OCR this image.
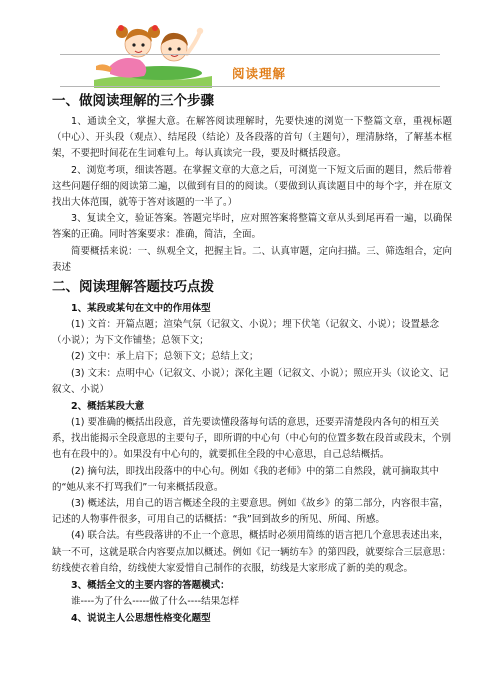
阅读理解
一、做阅读理解的三个步骤

1、通读全文，掌握大意。在解答阅读理解时，先要快速的浏览一下整篇文章，重视标题（中心）、开头段（观点）、结尾段（结论）及各段落的首句（主题句），理清脉络，了解基本框架，不要把时间花在生词难句上。每认真读完一段，要及时概括段意。

2、浏览考项，细读答题。在掌握文章的大意之后，可浏览一下短文后面的题目，然后带着这些问题仔细的阅读第二遍，以做到有目的的阅读。（要做到认真读题目中的每个字，并在原文找出大体范围，就等于答对该题的一半了。）

3、复读全文，验证答案。答题完毕时，应对照答案将整篇文章从头到尾再看一遍，以确保答案的正确。同时答案要求：准确，简洁，全面。

简要概括来说：一、纵观全文，把握主旨。二、认真审题，定向扫描。三、筛选组合，定向表述

二、阅读理解答题技巧点拨

1、某段或某句在文中的作用体型

(1) 文首：开篇点题；渲染气氛（记叙文、小说）；埋下伏笔（记叙文、小说）；设置悬念（小说）；为下文作铺垫；总领下文；

(2) 文中：承上启下；总领下文；总结上文；

(3) 文末：点明中心（记叙文、小说）；深化主题（记叙文、小说）；照应开头（议论文、记叙文、小说）

2、概括某段大意

(1) 要准确的概括出段意，首先要读懂段落每句话的意思，还要弄清楚段内各句的相互关系，找出能揭示全段意思的主要句子，即所谓的中心句（中心句的位置多数在段首或段末，个别也有在段中的）。如果没有中心句的，就要抓住全段的中心意思，自己总结概括。

(2) 摘句法，即找出段落中的中心句。例如《我的老师》中的第二自然段，就可摘取其中的“她从来不打骂我们”一句来概括段意。

(3) 概述法，用自己的语言概述全段的主要意思。例如《故乡》的第二部分，内容很丰富，记述的人物事件很多，可用自己的话概括：“我”回到故乡的所见、所闻、所感。

(4) 联合法。有些段落讲的不止一个意思，概括时必须用简练的语言把几个意思表述出来，缺一不可，这就是联合内容要点加以概述。例如《记一辆纺车》的第四段，就要综合三层意思：纺线使衣着自给，纺线使大家爱惜自己制作的衣服，纺线是大家形成了新的美的观念。

3、概括全文的主要内容的答题模式：

谁----为了什么-----做了什么----结果怎样

4、说说主人公思想性格变化题型
